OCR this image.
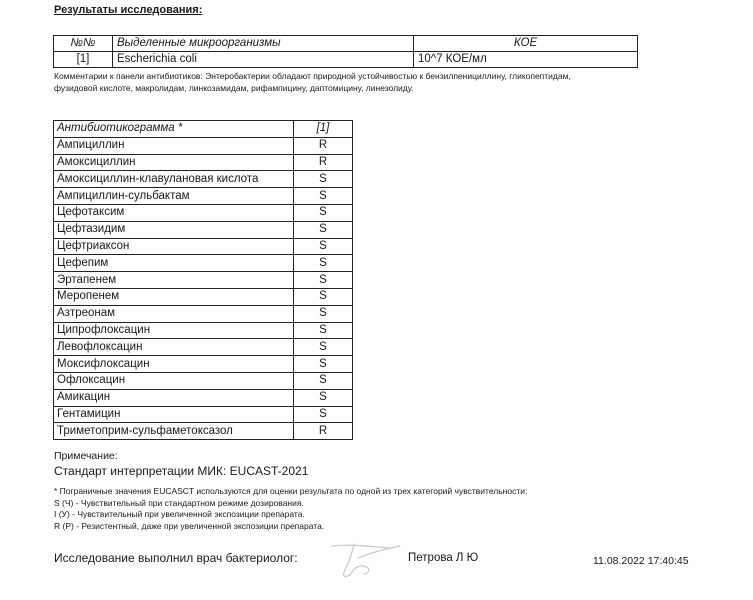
Результаты исследования:
№№	Выделенные микроорганизмы	КОЕ
[1]	Escherichia coli	10^7 КОЕ/мл
Комментарии к панели антибиотиков: Энтеробактерии обладают природной устойчивостью к бензилпенициллину, гликопептидам,
фузидовой кислоте, макролидам, линкозамидам, рифампицину, даптомицину, линезолиду.
Антибиотикограмма *	[1]
Ампициллин	R
Амоксициллин	R
Амоксициллин-клавулановая кислота	S
Ампициллин-сульбактам	S
Цефотаксим	S
Цефтазидим	S
Цефтриаксон	S
Цефепим	S
Эртапенем	S
Меропенем	S
Азтреонам	S
Ципрофлоксацин	S
Левофлоксацин	S
Моксифлоксацин	S
Офлоксацин	S
Амикацин	S
Гентамицин	S
Триметоприм-сульфаметоксазол	R
Примечание:
Стандарт интерпретации МИК: EUCAST-2021
* Пограничные значения EUCASCT используются для оценки результата по одной из трех категорий чувствительности:
S (Ч) - Чувствительный при стандартном режиме дозирования.
I (У) - Чувствительный при увеличенной экспозиции препарата.
R (Р) - Резистентный, даже при увеличенной экспозиции препарата.
Исследование выполнил врач бактериолог:	Петрова Л Ю	11.08.2022 17:40:45
